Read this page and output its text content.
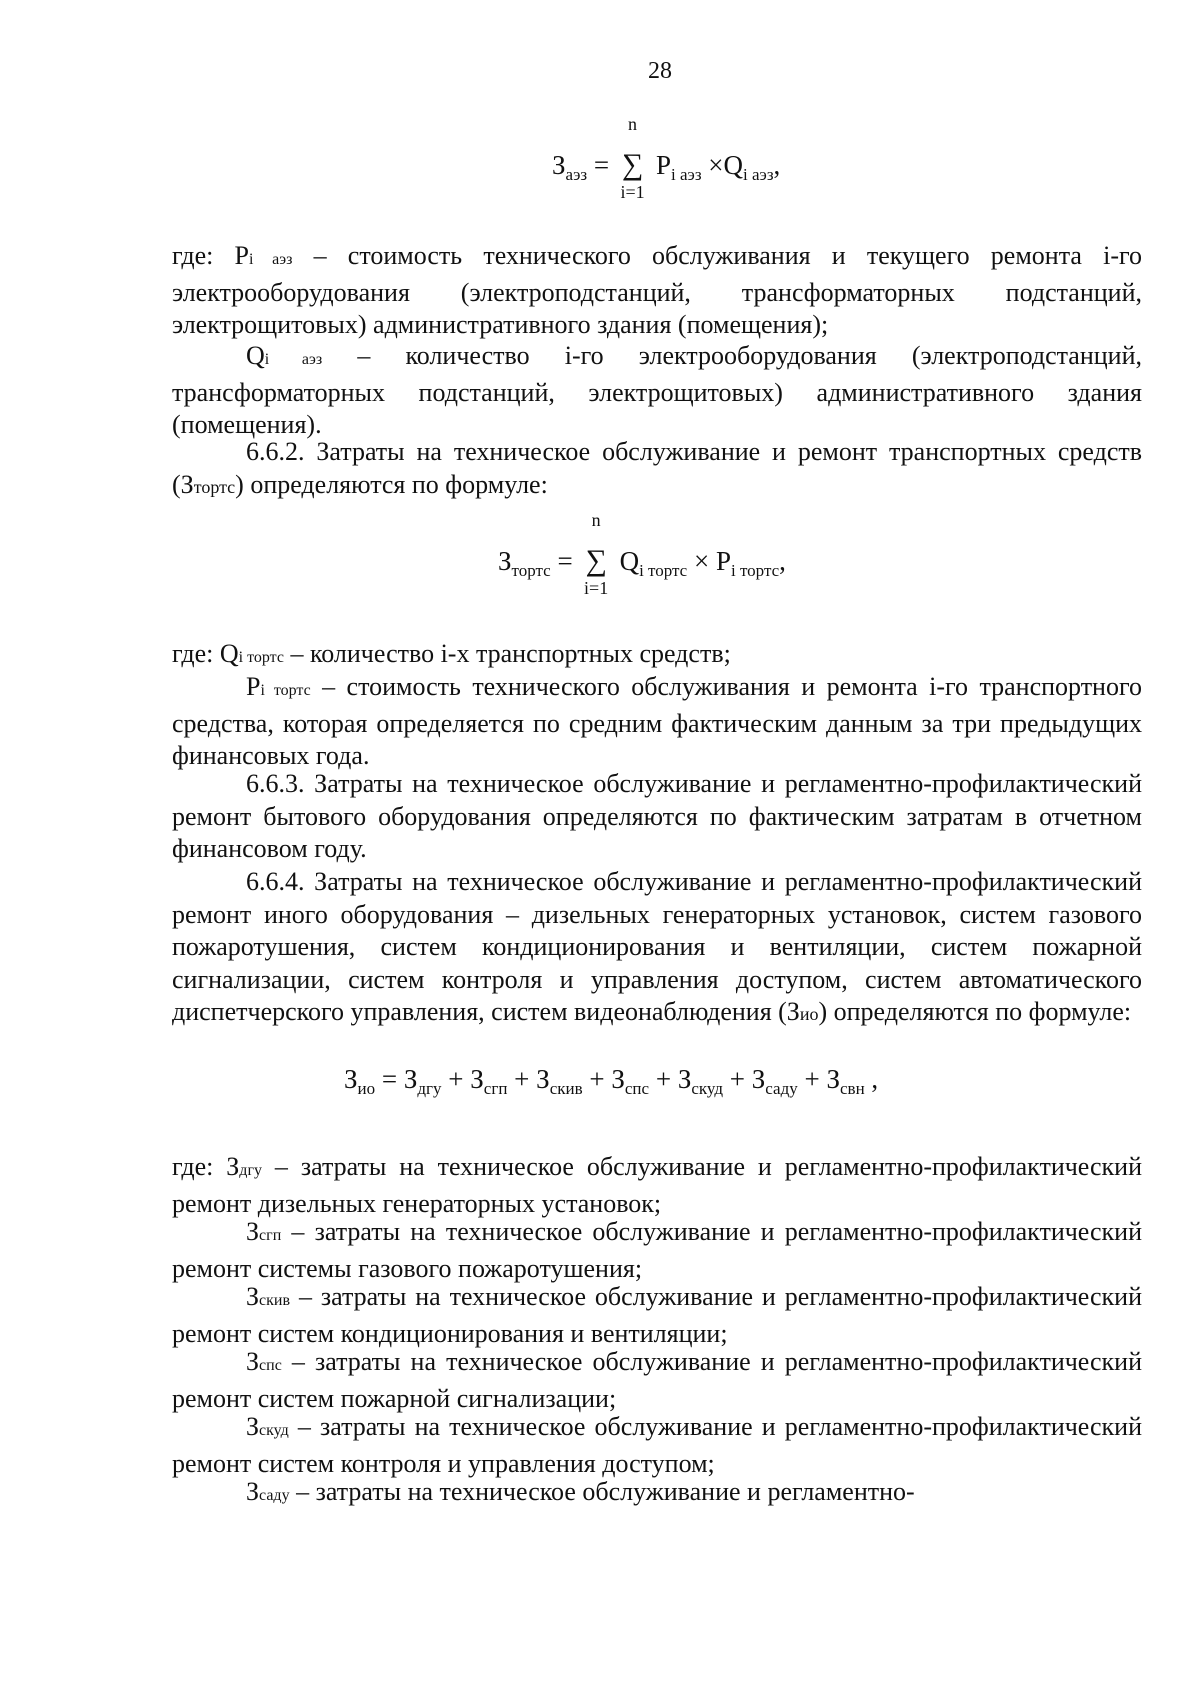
28
$З_{аэз}$ = ∑
n
i=1
$P_{i аэз} \times Q_{i аэз}$,

где: Pi аэз – стоимость технического обслуживания и текущего ремонта i-го электрооборудования (электроподстанций, трансформаторных подстанций, электрощитовых) административного здания (помещения);

Qi аэз – количество i-го электрооборудования (электроподстанций, трансформаторных подстанций, электрощитовых) административного здания (помещения).

6.6.2. Затраты на техническое обслуживание и ремонт транспортных средств (Зтортс) определяются по формуле:

$З_{тортс}$ = ∑
n
i=1
$Q_{i тортс} \times P_{i тортс}$,

где: Qi тортс – количество i-х транспортных средств;

Pi тортс – стоимость технического обслуживания и ремонта i-го транспортного средства, которая определяется по средним фактическим данным за три предыдущих финансовых года.

6.6.3. Затраты на техническое обслуживание и регламентно-профилактический ремонт бытового оборудования определяются по фактическим затратам в отчетном финансовом году.

6.6.4. Затраты на техническое обслуживание и регламентно-профилактический ремонт иного оборудования – дизельных генераторных установок, систем газового пожаротушения, систем кондиционирования и вентиляции, систем пожарной сигнализации, систем контроля и управления доступом, систем автоматического диспетчерского управления, систем видеонаблюдения (Зио) определяются по формуле:

$З_{ио} = З_{дгу} + З_{сгп} + З_{скив} + З_{спс} + З_{скуд} + З_{саду} + З_{свн}$ ,

где: Здгу – затраты на техническое обслуживание и регламентно-профилактический ремонт дизельных генераторных установок;

Зсгп – затраты на техническое обслуживание и регламентно-профилактический ремонт системы газового пожаротушения;

Зскив – затраты на техническое обслуживание и регламентно-профилактический ремонт систем кондиционирования и вентиляции;

Зспс – затраты на техническое обслуживание и регламентно-профилактический ремонт систем пожарной сигнализации;

Зскуд – затраты на техническое обслуживание и регламентно-профилактический ремонт систем контроля и управления доступом;

Зсаду – затраты на техническое обслуживание и регламентно-
